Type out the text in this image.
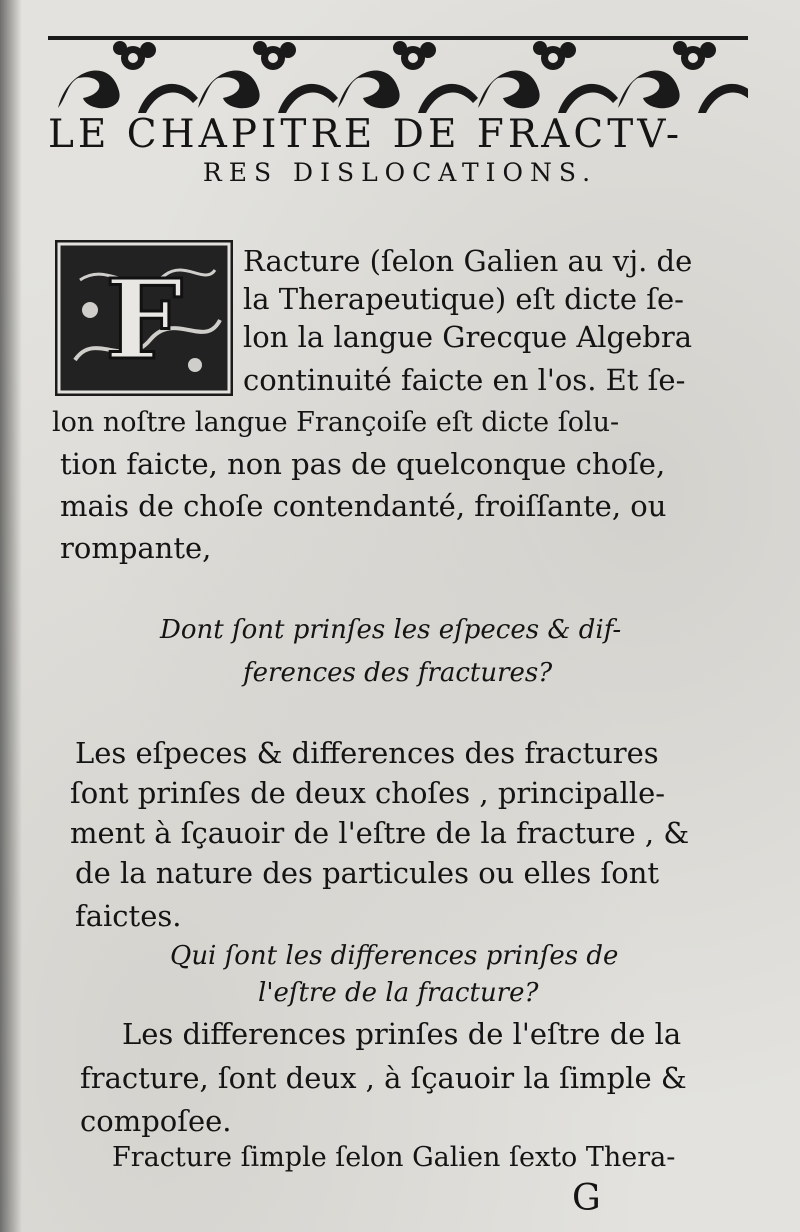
LE CHAPITRE DE FRACTV-
RES DISLOCATIONS.
F Racture (ſelon Galien au vj. de
la Therapeutique) eſt dicte ſe-
lon la langue Grecque Algebra
continuité faicte en l'os. Et ſe-
lon noſtre langue Françoiſe eſt dicte ſolu-
tion faicte, non pas de quelconque choſe,
mais de choſe contendanté, froiſſante, ou
rompante,
Dont ſont prinſes les eſpeces & dif-
ferences des fractures?
Les eſpeces & differences des fractures
ſont prinſes de deux choſes , principalle-
ment à ſçauoir de l'eſtre de la fracture , &
de la nature des particules ou elles ſont
faictes.
Qui ſont les differences prinſes de
l'eſtre de la fracture?
Les differences prinſes de l'eſtre de la
fracture, ſont deux , à ſçauoir la ſimple &
compoſee.
Fracture ſimple ſelon Galien ſexto Thera-
G
